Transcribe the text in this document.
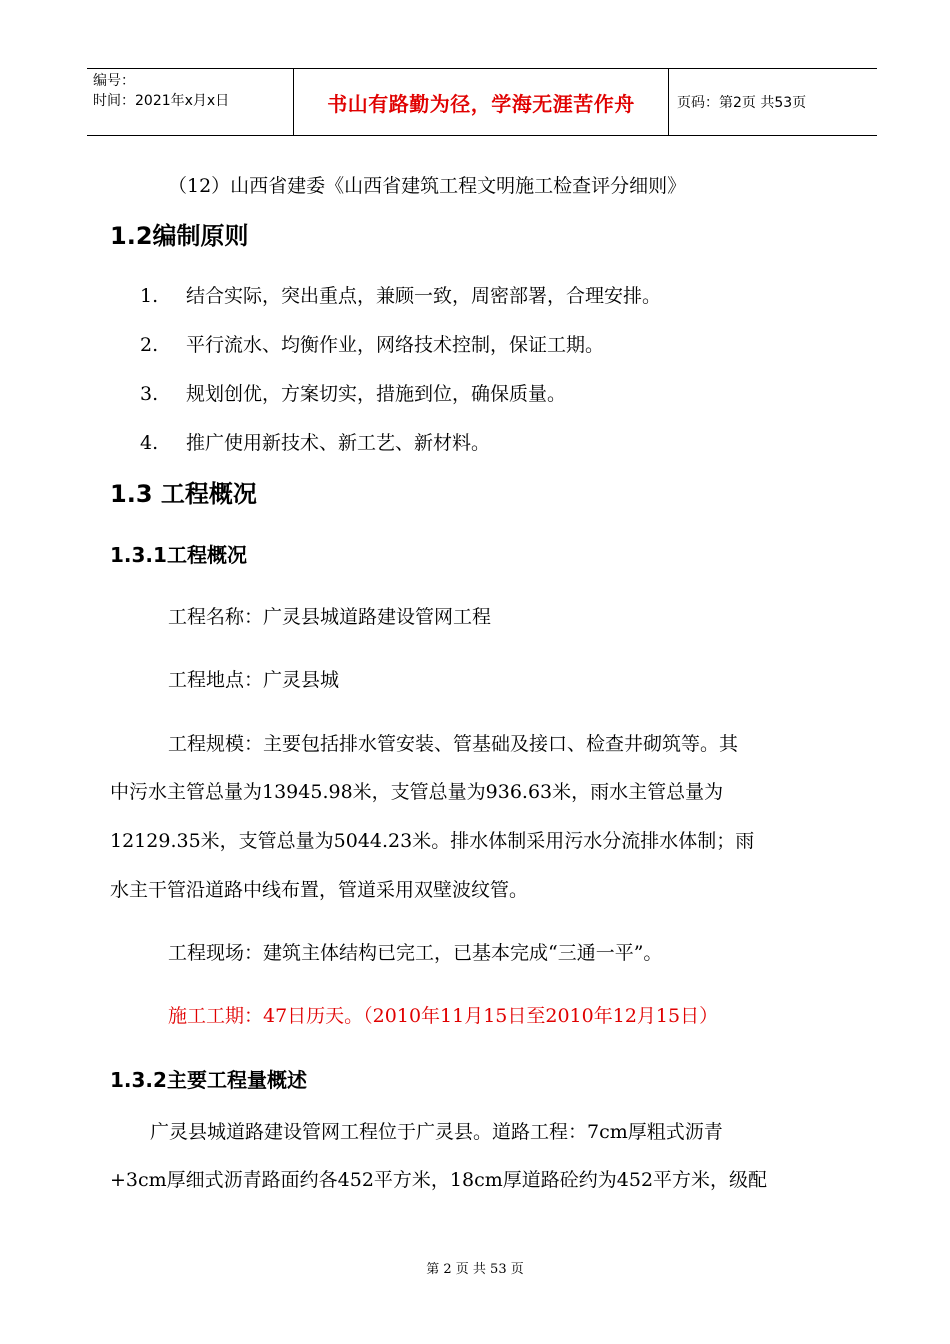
编号：
时间：2021年x月x日	书山有路勤为径，学海无涯苦作舟	页码：第2页 共53页
（12）山西省建委《山西省建筑工程文明施工检查评分细则》
1.2编制原则
1. 结合实际，突出重点，兼顾一致，周密部署，合理安排。
2. 平行流水、均衡作业，网络技术控制，保证工期。
3. 规划创优，方案切实，措施到位，确保质量。
4. 推广使用新技术、新工艺、新材料。
1.3 工程概况
1.3.1工程概况
工程名称：广灵县城道路建设管网工程
工程地点：广灵县城
工程规模：主要包括排水管安装、管基础及接口、检查井砌筑等。其
中污水主管总量为13945.98米，支管总量为936.63米，雨水主管总量为
12129.35米，支管总量为5044.23米。排水体制采用污水分流排水体制；雨
水主干管沿道路中线布置，管道采用双壁波纹管。
工程现场：建筑主体结构已完工，已基本完成“三通一平”。
施工工期：47日历天。（2010年11月15日至2010年12月15日）
1.3.2主要工程量概述
广灵县城道路建设管网工程位于广灵县。道路工程：7cm厚粗式沥青
+3cm厚细式沥青路面约各452平方米，18cm厚道路砼约为452平方米，级配
第 2 页 共 53 页
